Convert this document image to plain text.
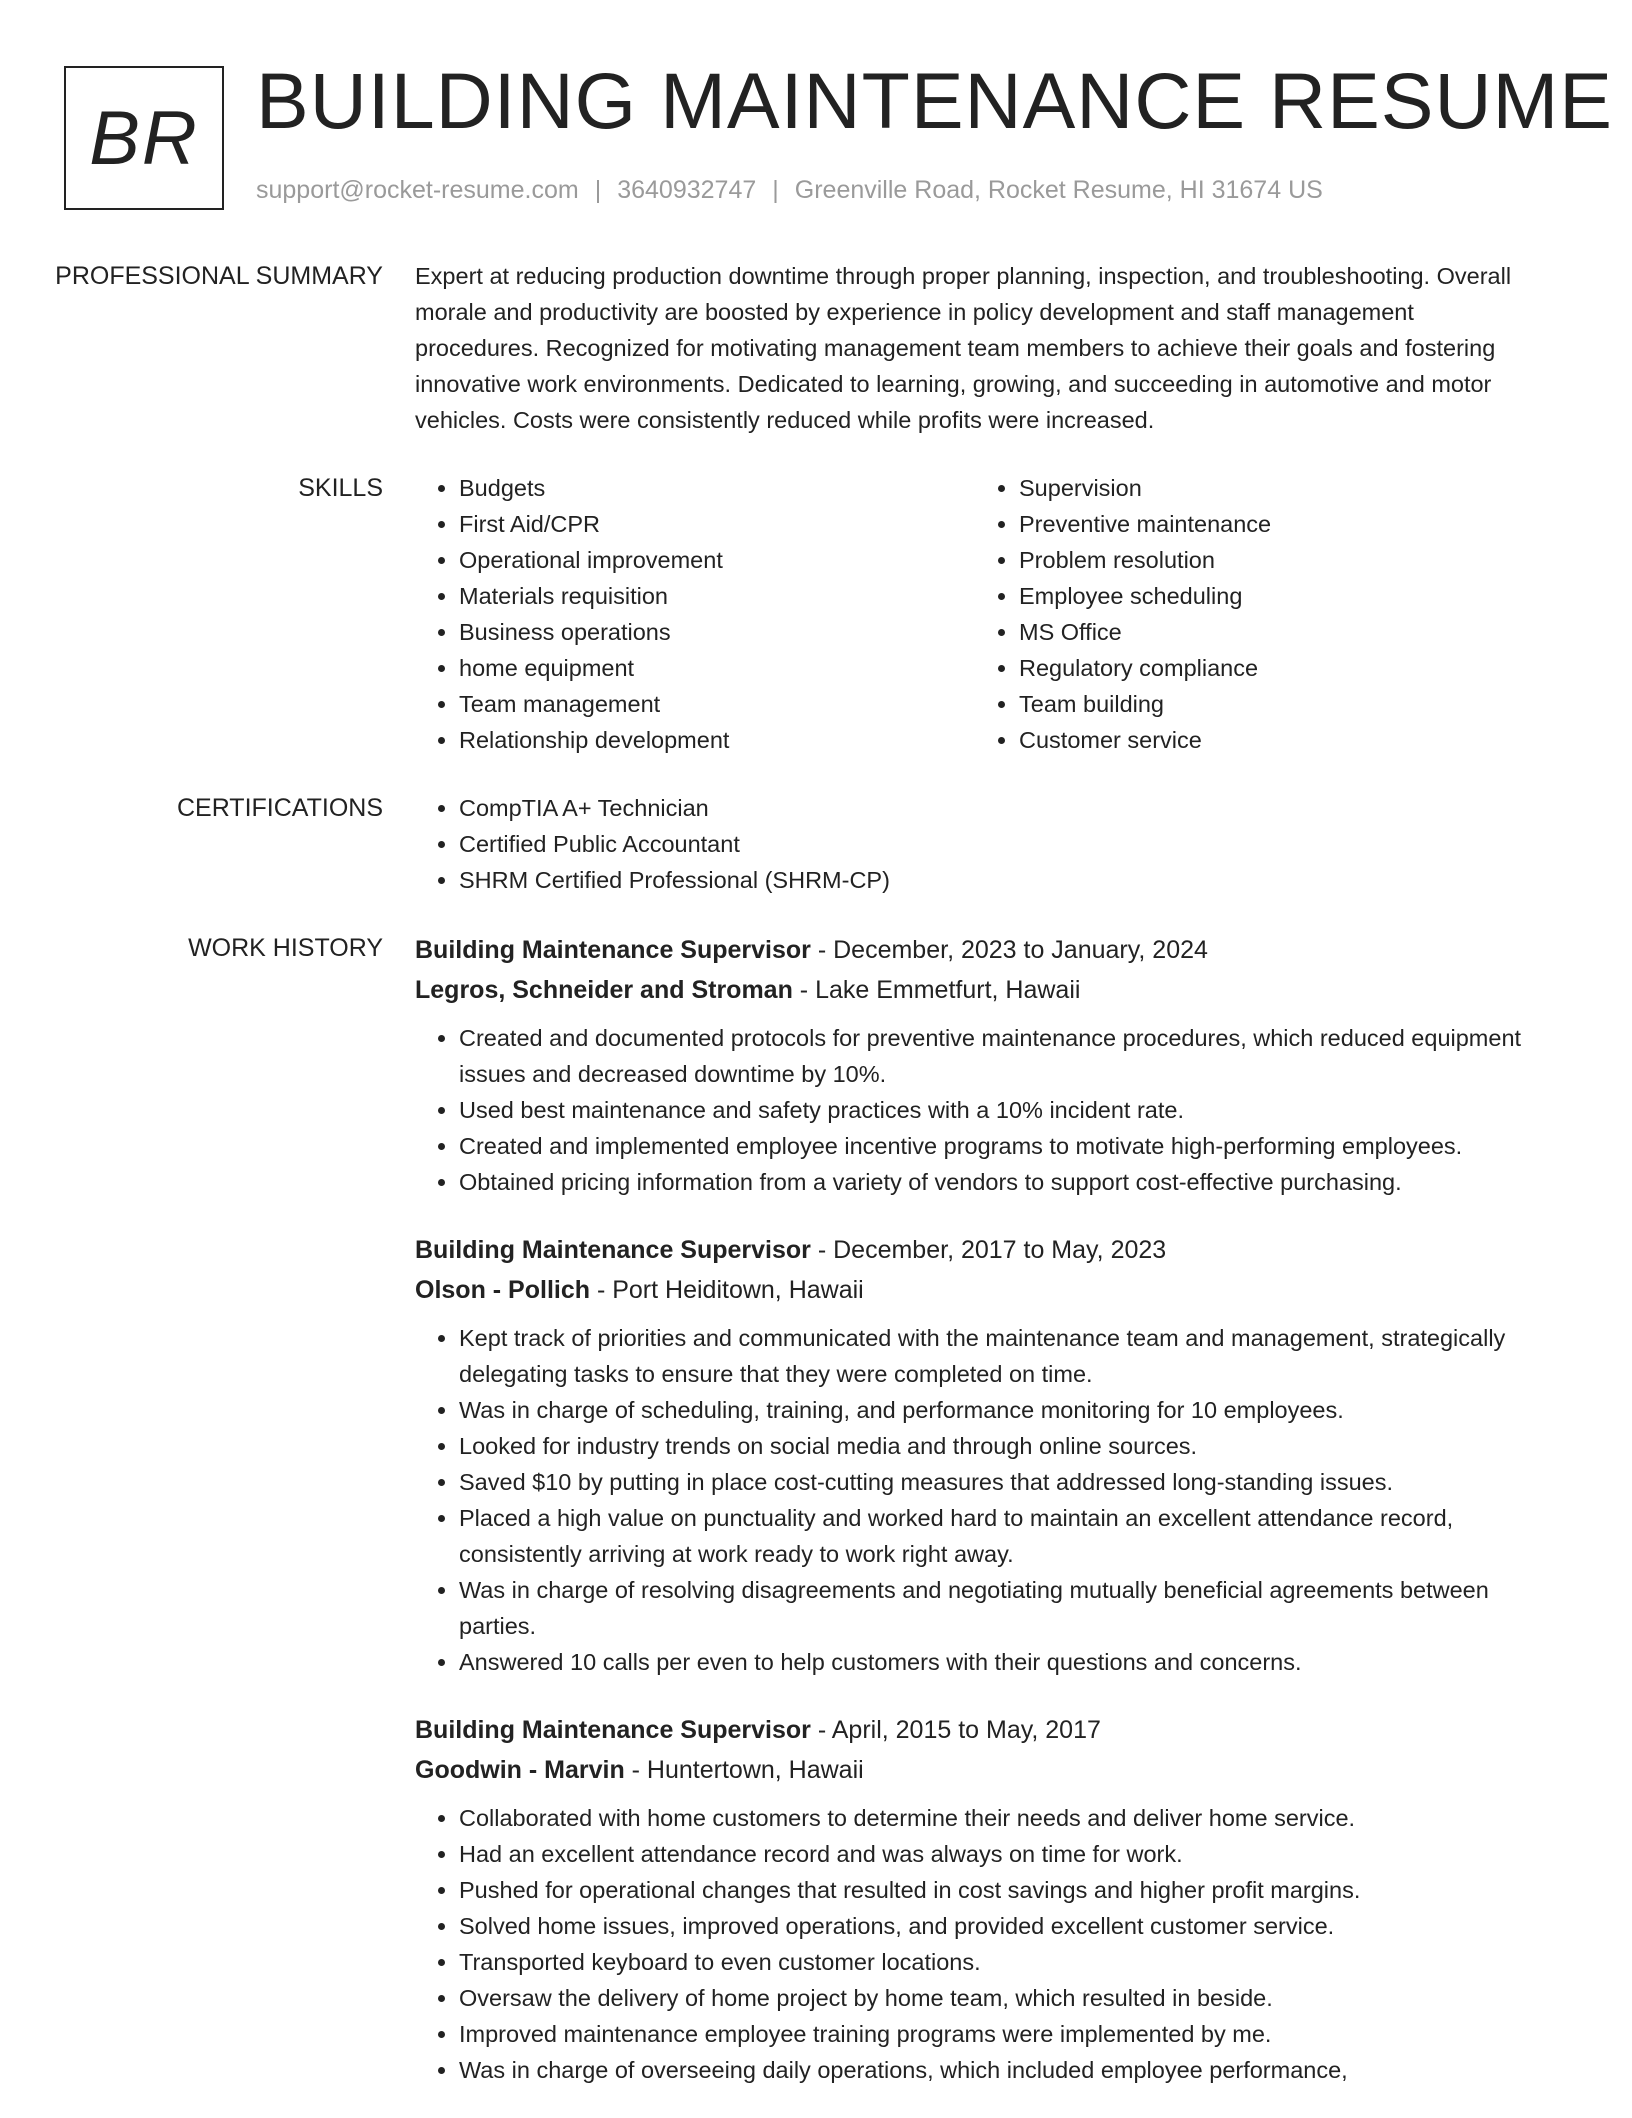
BR BUILDING MAINTENANCE RESUME
support@rocket-resume.com | 3640932747 | Greenville Road, Rocket Resume, HI 31674 US
PROFESSIONAL SUMMARY	Expert at reducing production downtime through proper planning, inspection, and troubleshooting. Overall morale and productivity are boosted by experience in policy development and staff management procedures. Recognized for motivating management team members to achieve their goals and fostering innovative work environments. Dedicated to learning, growing, and succeeding in automotive and motor vehicles. Costs were consistently reduced while profits were increased.

SKILLS	• Budgets
• First Aid/CPR
• Operational improvement
• Materials requisition
• Business operations
• home equipment
• Team management
• Relationship development
• Supervision
• Preventive maintenance
• Problem resolution
• Employee scheduling
• MS Office
• Regulatory compliance
• Team building
• Customer service
CERTIFICATIONS	• CompTIA A+ Technician
• Certified Public Accountant
• SHRM Certified Professional (SHRM-CP)
WORK HISTORY	Building Maintenance Supervisor - December, 2023 to January, 2024
Legros, Schneider and Stroman - Lake Emmetfurt, Hawaii
• Created and documented protocols for preventive maintenance procedures, which reduced equipment issues and decreased downtime by 10%.
• Used best maintenance and safety practices with a 10% incident rate.
• Created and implemented employee incentive programs to motivate high-performing employees.
• Obtained pricing information from a variety of vendors to support cost-effective purchasing.
Building Maintenance Supervisor - December, 2017 to May, 2023
Olson - Pollich - Port Heiditown, Hawaii
• Kept track of priorities and communicated with the maintenance team and management, strategically delegating tasks to ensure that they were completed on time.
• Was in charge of scheduling, training, and performance monitoring for 10 employees.
• Looked for industry trends on social media and through online sources.
• Saved $10 by putting in place cost-cutting measures that addressed long-standing issues.
• Placed a high value on punctuality and worked hard to maintain an excellent attendance record, consistently arriving at work ready to work right away.
• Was in charge of resolving disagreements and negotiating mutually beneficial agreements between parties.
• Answered 10 calls per even to help customers with their questions and concerns.
Building Maintenance Supervisor - April, 2015 to May, 2017
Goodwin - Marvin - Huntertown, Hawaii
• Collaborated with home customers to determine their needs and deliver home service.
• Had an excellent attendance record and was always on time for work.
• Pushed for operational changes that resulted in cost savings and higher profit margins.
• Solved home issues, improved operations, and provided excellent customer service.
• Transported keyboard to even customer locations.
• Oversaw the delivery of home project by home team, which resulted in beside.
• Improved maintenance employee training programs were implemented by me.
• Was in charge of overseeing daily operations, which included employee performance,
